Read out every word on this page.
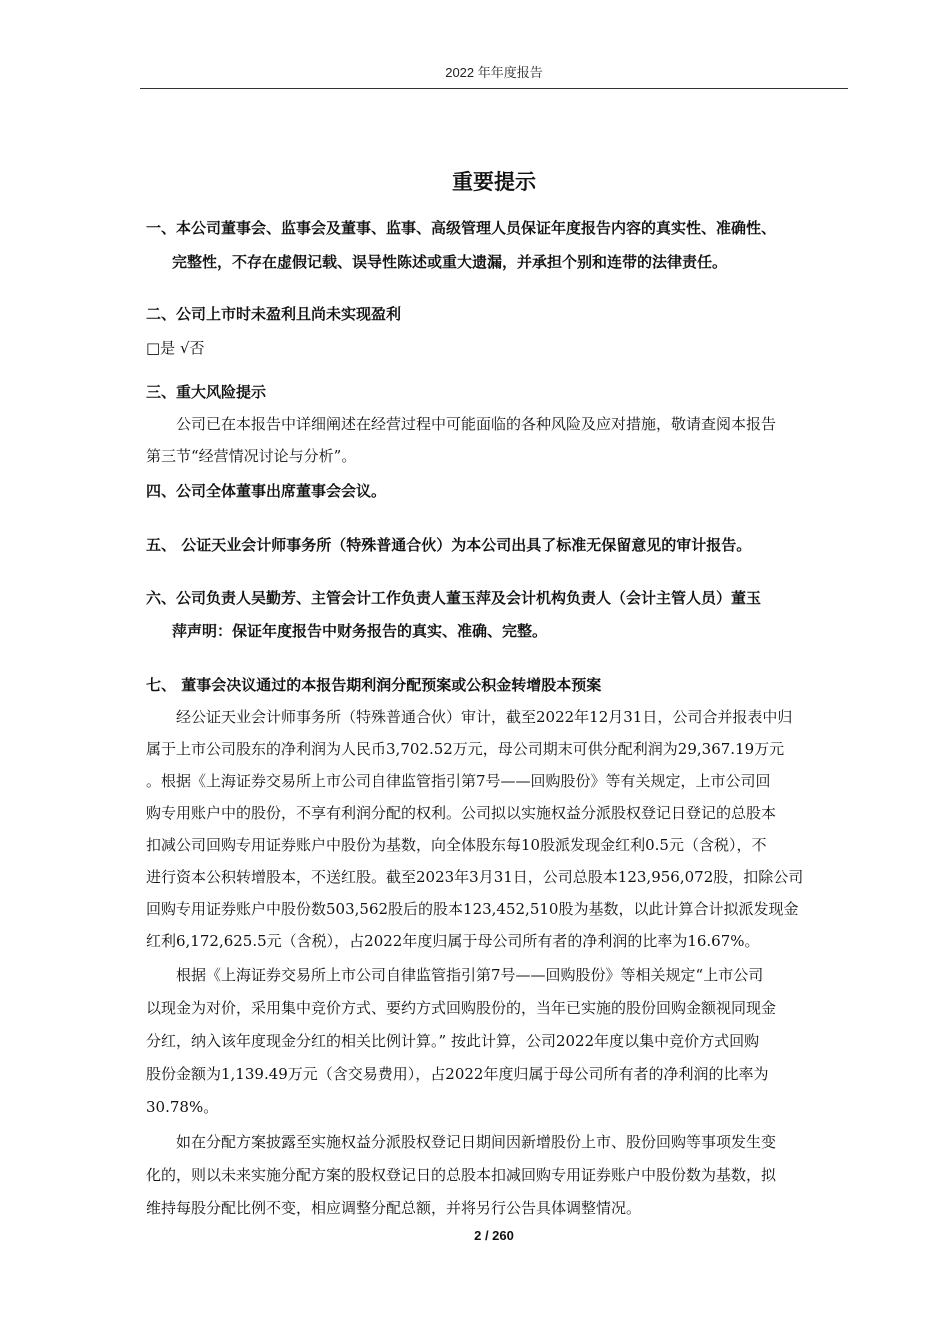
2022 年年度报告
重要提示
一、本公司董事会、监事会及董事、监事、高级管理人员保证年度报告内容的真实性、准确性、
完整性，不存在虚假记载、误导性陈述或重大遗漏，并承担个别和连带的法律责任。
二、公司上市时未盈利且尚未实现盈利
□是 √否
三、重大风险提示
公司已在本报告中详细阐述在经营过程中可能面临的各种风险及应对措施，敬请查阅本报告
第三节“经营情况讨论与分析”。
四、公司全体董事出席董事会会议。
五、 公证天业会计师事务所（特殊普通合伙）为本公司出具了标准无保留意见的审计报告。
六、公司负责人吴勤芳、主管会计工作负责人董玉萍及会计机构负责人（会计主管人员）董玉
萍声明：保证年度报告中财务报告的真实、准确、完整。
七、 董事会决议通过的本报告期利润分配预案或公积金转增股本预案
经公证天业会计师事务所（特殊普通合伙）审计，截至2022年12月31日，公司合并报表中归
属于上市公司股东的净利润为人民币3,702.52万元，母公司期末可供分配利润为29,367.19万元
。根据《上海证券交易所上市公司自律监管指引第7号——回购股份》等有关规定，上市公司回
购专用账户中的股份，不享有利润分配的权利。公司拟以实施权益分派股权登记日登记的总股本
扣减公司回购专用证券账户中股份为基数，向全体股东每10股派发现金红利0.5元（含税），不
进行资本公积转增股本，不送红股。截至2023年3月31日，公司总股本123,956,072股，扣除公司
回购专用证券账户中股份数503,562股后的股本123,452,510股为基数，以此计算合计拟派发现金
红利6,172,625.5元（含税），占2022年度归属于母公司所有者的净利润的比率为16.67%。
根据《上海证券交易所上市公司自律监管指引第7号——回购股份》等相关规定“上市公司
以现金为对价，采用集中竞价方式、要约方式回购股份的，当年已实施的股份回购金额视同现金
分红，纳入该年度现金分红的相关比例计算。” 按此计算，公司2022年度以集中竞价方式回购
股份金额为1,139.49万元（含交易费用），占2022年度归属于母公司所有者的净利润的比率为
30.78%。
如在分配方案披露至实施权益分派股权登记日期间因新增股份上市、股份回购等事项发生变
化的，则以未来实施分配方案的股权登记日的总股本扣减回购专用证券账户中股份数为基数，拟
维持每股分配比例不变，相应调整分配总额，并将另行公告具体调整情况。
2 / 260
